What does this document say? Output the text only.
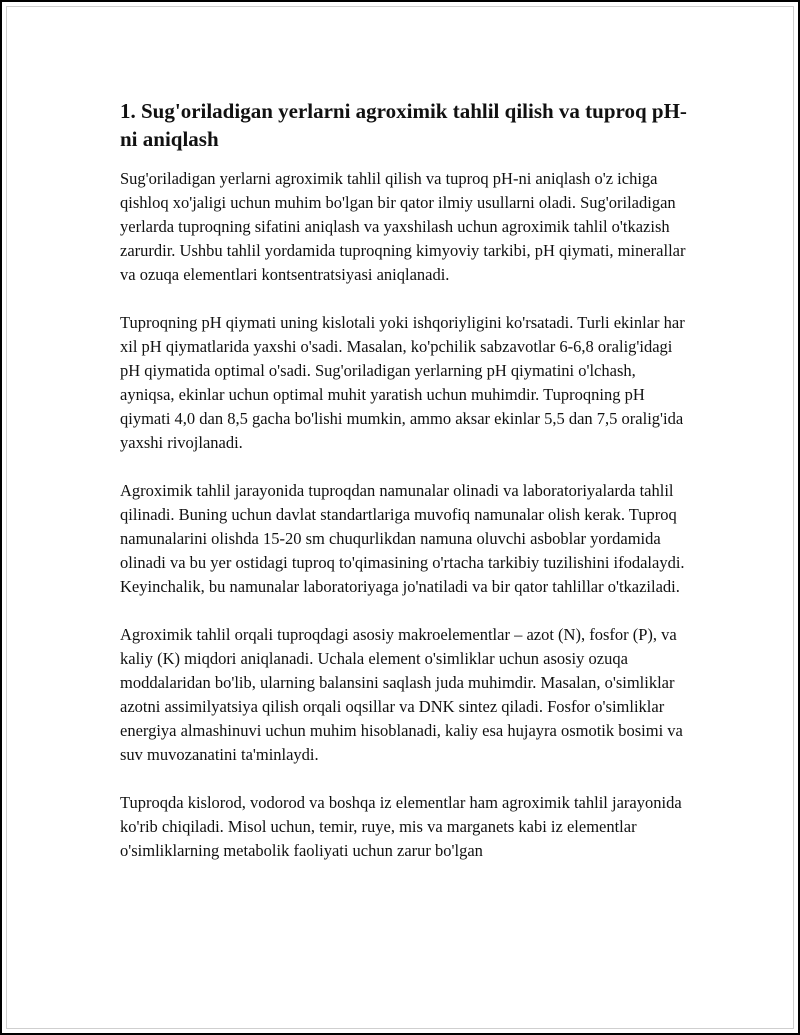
1. Sug'oriladigan yerlarni agroximik tahlil qilish va tuproq pH-ni aniqlash

Sug'oriladigan yerlarni agroximik tahlil qilish va tuproq pH-ni aniqlash o'z ichiga qishloq xo'jaligi uchun muhim bo'lgan bir qator ilmiy usullarni oladi. Sug'oriladigan yerlarda tuproqning sifatini aniqlash va yaxshilash uchun agroximik tahlil o'tkazish zarurdir. Ushbu tahlil yordamida tuproqning kimyoviy tarkibi, pH qiymati, minerallar va ozuqa elementlari kontsentratsiyasi aniqlanadi.

Tuproqning pH qiymati uning kislotali yoki ishqoriyligini ko'rsatadi. Turli ekinlar har xil pH qiymatlarida yaxshi o'sadi. Masalan, ko'pchilik sabzavotlar 6-6,8 oralig'idagi pH qiymatida optimal o'sadi. Sug'oriladigan yerlarning pH qiymatini o'lchash, ayniqsa, ekinlar uchun optimal muhit yaratish uchun muhimdir. Tuproqning pH qiymati 4,0 dan 8,5 gacha bo'lishi mumkin, ammo aksar ekinlar 5,5 dan 7,5 oralig'ida yaxshi rivojlanadi.

Agroximik tahlil jarayonida tuproqdan namunalar olinadi va laboratoriyalarda tahlil qilinadi. Buning uchun davlat standartlariga muvofiq namunalar olish kerak. Tuproq namunalarini olishda 15-20 sm chuqurlikdan namuna oluvchi asboblar yordamida olinadi va bu yer ostidagi tuproq to'qimasining o'rtacha tarkibiy tuzilishini ifodalaydi. Keyinchalik, bu namunalar laboratoriyaga jo'natiladi va bir qator tahlillar o'tkaziladi.

Agroximik tahlil orqali tuproqdagi asosiy makroelementlar – azot (N), fosfor (P), va kaliy (K) miqdori aniqlanadi. Uchala element o'simliklar uchun asosiy ozuqa moddalaridan bo'lib, ularning balansini saqlash juda muhimdir. Masalan, o'simliklar azotni assimilyatsiya qilish orqali oqsillar va DNK sintez qiladi. Fosfor o'simliklar energiya almashinuvi uchun muhim hisoblanadi, kaliy esa hujayra osmotik bosimi va suv muvozanatini ta'minlaydi.

Tuproqda kislorod, vodorod va boshqa iz elementlar ham agroximik tahlil jarayonida ko'rib chiqiladi. Misol uchun, temir, ruye, mis va marganets kabi iz elementlar o'simliklarning metabolik faoliyati uchun zarur bo'lgan
